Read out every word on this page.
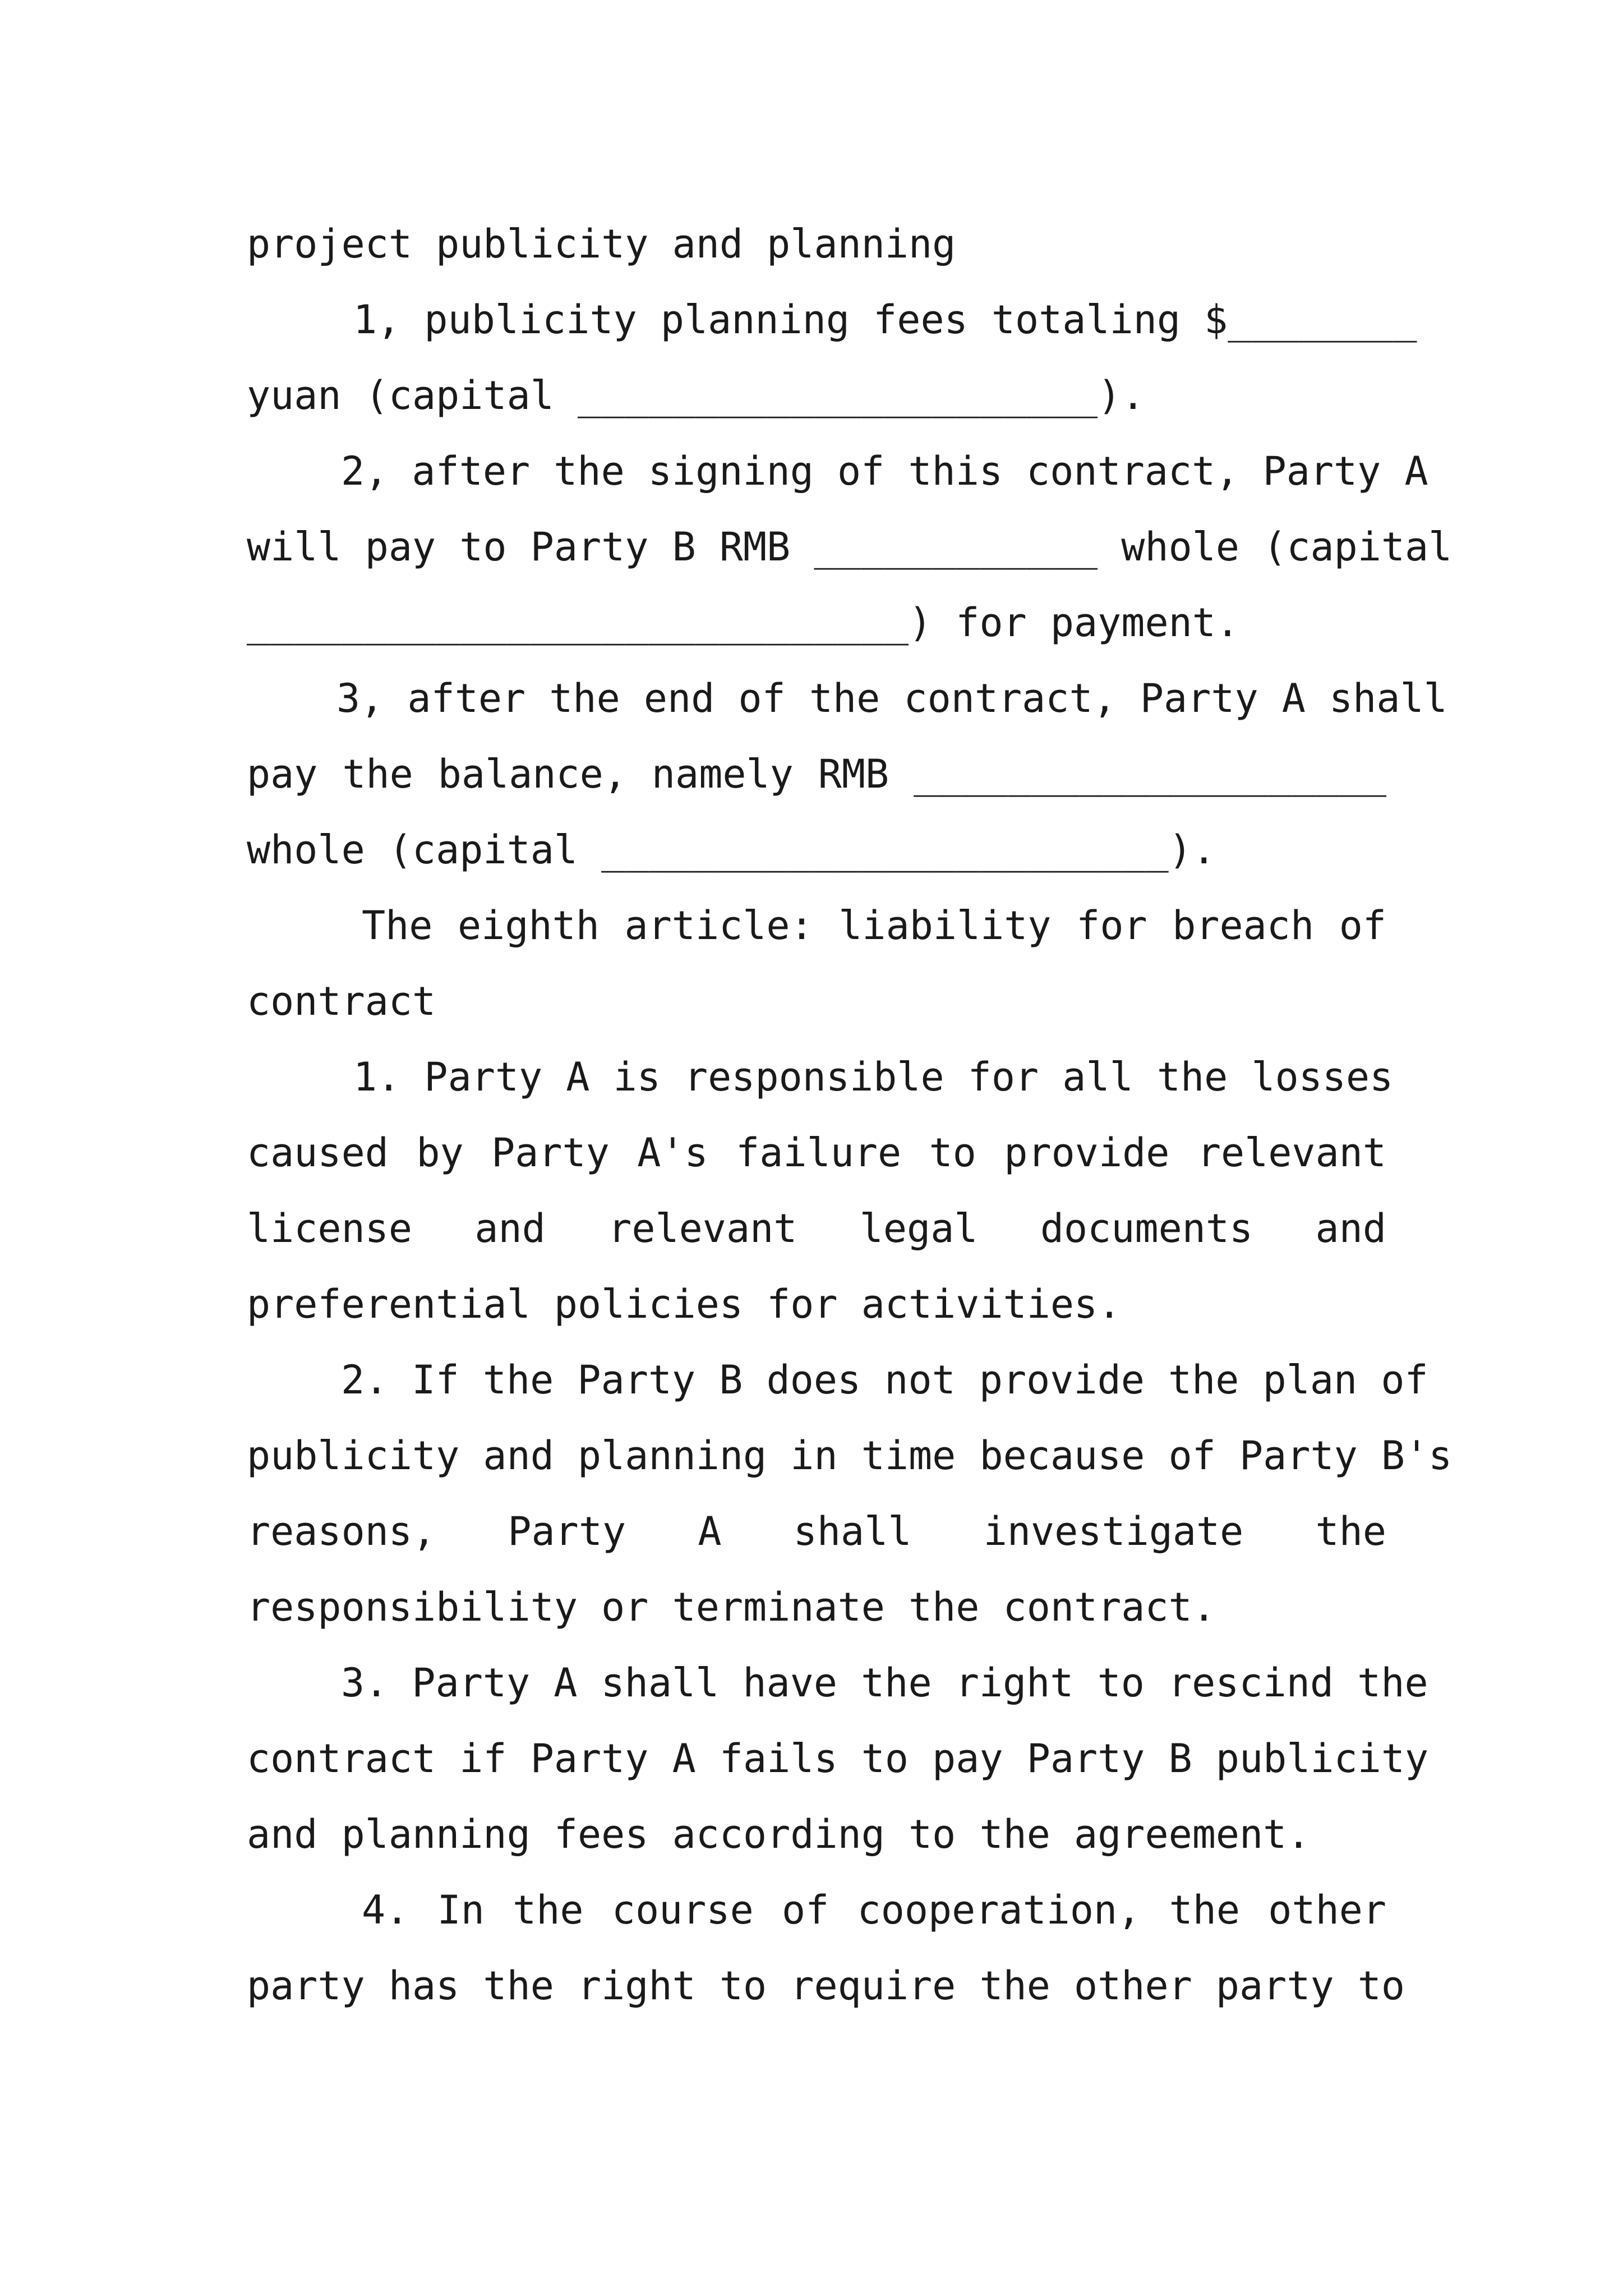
project publicity and planning
1, publicity planning fees totaling $________
yuan (capital ______________________).
2, after the signing of this contract, Party A
will pay to Party B RMB ____________ whole (capital
____________________________) for payment.
3, after the end of the contract, Party A shall
pay the balance, namely RMB ____________________
whole (capital ________________________).
The eighth article: liability for breach of
contract
1. Party A is responsible for all the losses
caused by Party A's failure to provide relevant
license and relevant legal documents and
preferential policies for activities.
2. If the Party B does not provide the plan of
publicity and planning in time because of Party B's
reasons, Party A shall investigate the
responsibility or terminate the contract.
3. Party A shall have the right to rescind the
contract if Party A fails to pay Party B publicity
and planning fees according to the agreement.
4. In the course of cooperation, the other
party has the right to require the other party to
